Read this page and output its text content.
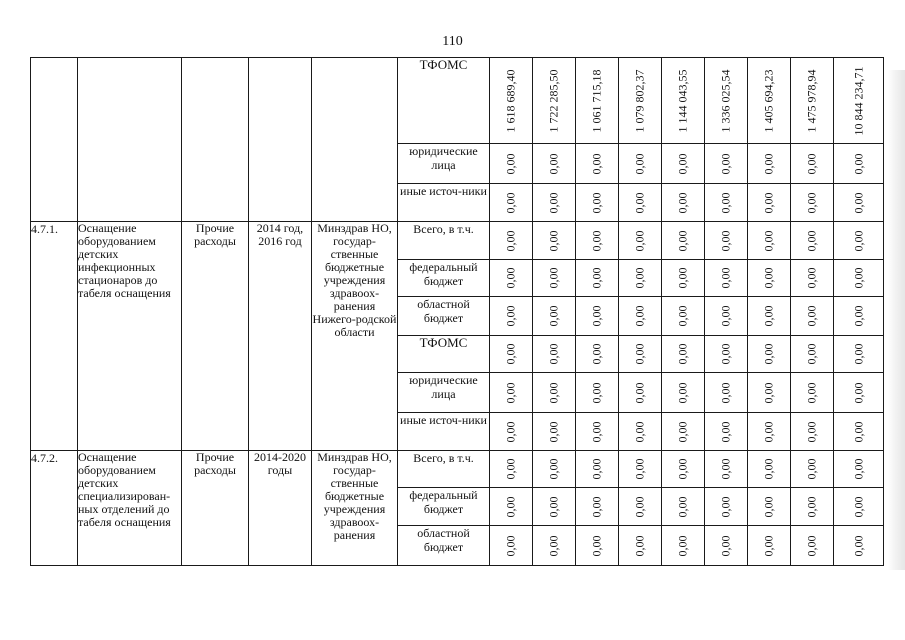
110
					ТФОМС	1 618 689,40	1 722 285,50	1 061 715,18	1 079 802,37	1 144 043,55	1 336 025,54	1 405 694,23	1 475 978,94	10 844 234,71

					юридические лица	0,00	0,00	0,00	0,00	0,00	0,00	0,00	0,00	0,00

					иные источ-ники	0,00	0,00	0,00	0,00	0,00	0,00	0,00	0,00	0,00

4.7.1.	Оснащение оборудованием детских инфекционных стационаров до табеля оснащения	Прочие расходы	2014 год, 2016 год	Минздрав НО, государ-ственные бюджетные учреждения здравоох-ранения Нижего-родской области	Всего, в т.ч.	0,00	0,00	0,00	0,00	0,00	0,00	0,00	0,00	0,00

					федеральный бюджет	0,00	0,00	0,00	0,00	0,00	0,00	0,00	0,00	0,00

					областной бюджет	0,00	0,00	0,00	0,00	0,00	0,00	0,00	0,00	0,00

					ТФОМС	0,00	0,00	0,00	0,00	0,00	0,00	0,00	0,00	0,00

					юридические лица	0,00	0,00	0,00	0,00	0,00	0,00	0,00	0,00	0,00

					иные источ-ники	0,00	0,00	0,00	0,00	0,00	0,00	0,00	0,00	0,00

4.7.2.	Оснащение оборудованием детских специализирован-ных отделений до табеля оснащения	Прочие расходы	2014-2020 годы	Минздрав НО, государ-ственные бюджетные учреждения здравоох-ранения	Всего, в т.ч.	0,00	0,00	0,00	0,00	0,00	0,00	0,00	0,00	0,00

					федеральный бюджет	0,00	0,00	0,00	0,00	0,00	0,00	0,00	0,00	0,00

					областной бюджет	0,00	0,00	0,00	0,00	0,00	0,00	0,00	0,00	0,00
